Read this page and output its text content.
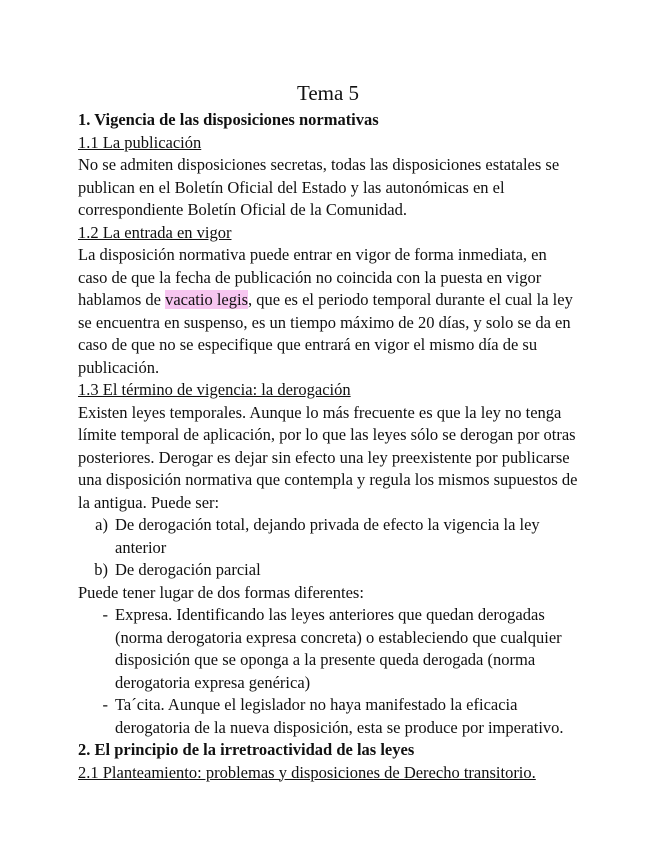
Tema 5
1. Vigencia de las disposiciones normativas
1.1 La publicación
No se admiten disposiciones secretas, todas las disposiciones estatales se publican en el Boletín Oficial del Estado y las autonómicas en el correspondiente Boletín Oficial de la Comunidad.
1.2 La entrada en vigor
La disposición normativa puede entrar en vigor de forma inmediata, en caso de que la fecha de publicación no coincida con la puesta en vigor hablamos de vacatio legis, que es el periodo temporal durante el cual la ley se encuentra en suspenso, es un tiempo máximo de 20 días, y solo se da en caso de que no se especifique que entrará en vigor el mismo día de su publicación.
1.3 El término de vigencia: la derogación
Existen leyes temporales. Aunque lo más frecuente es que la ley no tenga límite temporal de aplicación, por lo que las leyes sólo se derogan por otras posteriores. Derogar es dejar sin efecto una ley preexistente por publicarse una disposición normativa que contempla y regula los mismos supuestos de la antigua. Puede ser:
a) De derogación total, dejando privada de efecto la vigencia la ley anterior
b) De derogación parcial
Puede tener lugar de dos formas diferentes:
- Expresa. Identificando las leyes anteriores que quedan derogadas (norma derogatoria expresa concreta) o estableciendo que cualquier disposición que se oponga a la presente queda derogada (norma derogatoria expresa genérica)
- Ta´cita. Aunque el legislador no haya manifestado la eficacia derogatoria de la nueva disposición, esta se produce por imperativo.
2. El principio de la irretroactividad de las leyes
2.1 Planteamiento: problemas y disposiciones de Derecho transitorio.
